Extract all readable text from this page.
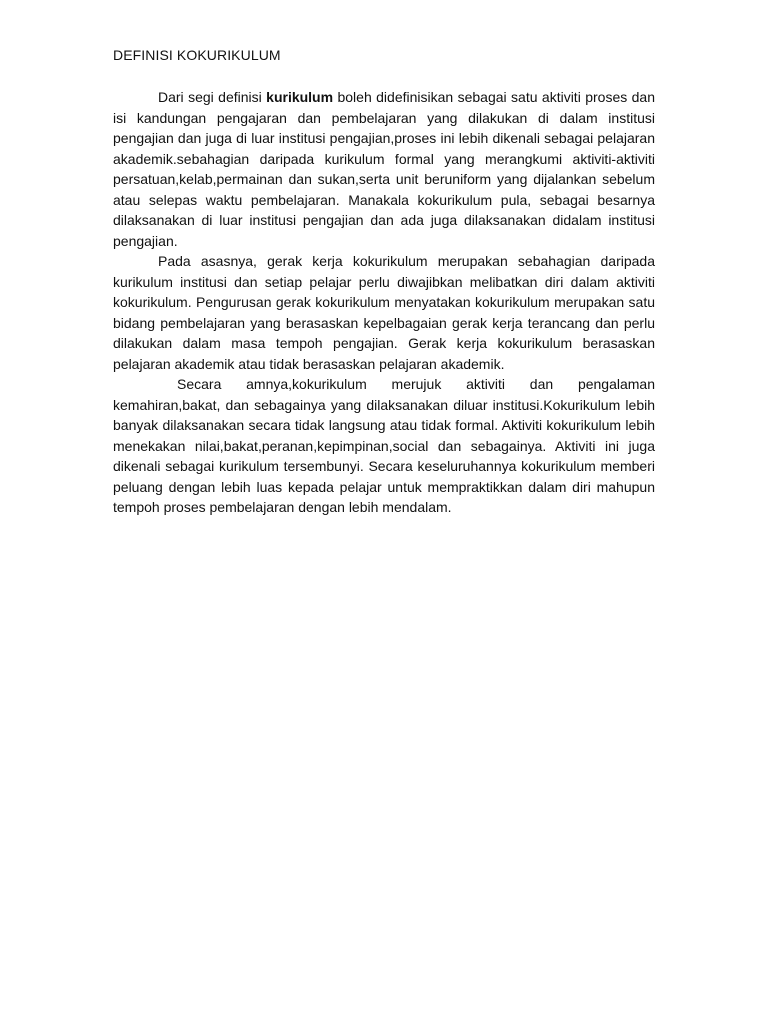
DEFINISI KOKURIKULUM

Dari segi definisi kurikulum boleh didefinisikan sebagai satu aktiviti proses dan isi kandungan pengajaran dan pembelajaran yang dilakukan di dalam institusi pengajian dan juga di luar institusi pengajian,proses ini lebih dikenali sebagai pelajaran akademik.sebahagian daripada kurikulum formal yang merangkumi aktiviti-aktiviti persatuan,kelab,permainan dan sukan,serta unit beruniform yang dijalankan sebelum atau selepas waktu pembelajaran. Manakala kokurikulum pula, sebagai besarnya dilaksanakan di luar institusi pengajian dan ada juga dilaksanakan didalam institusi pengajian.

Pada asasnya, gerak kerja kokurikulum merupakan sebahagian daripada kurikulum institusi dan setiap pelajar perlu diwajibkan melibatkan diri dalam aktiviti kokurikulum. Pengurusan gerak kokurikulum menyatakan kokurikulum merupakan satu bidang pembelajaran yang berasaskan kepelbagaian gerak kerja terancang dan perlu dilakukan dalam masa tempoh pengajian. Gerak kerja kokurikulum berasaskan pelajaran akademik atau tidak berasaskan pelajaran akademik.

Secara amnya,kokurikulum merujuk aktiviti dan pengalaman kemahiran,bakat, dan sebagainya yang dilaksanakan diluar institusi.Kokurikulum lebih banyak dilaksanakan secara tidak langsung atau tidak formal. Aktiviti kokurikulum lebih menekakan nilai,bakat,peranan,kepimpinan,social dan sebagainya. Aktiviti ini juga dikenali sebagai kurikulum tersembunyi. Secara keseluruhannya kokurikulum memberi peluang dengan lebih luas kepada pelajar untuk mempraktikkan dalam diri mahupun tempoh proses pembelajaran dengan lebih mendalam.
